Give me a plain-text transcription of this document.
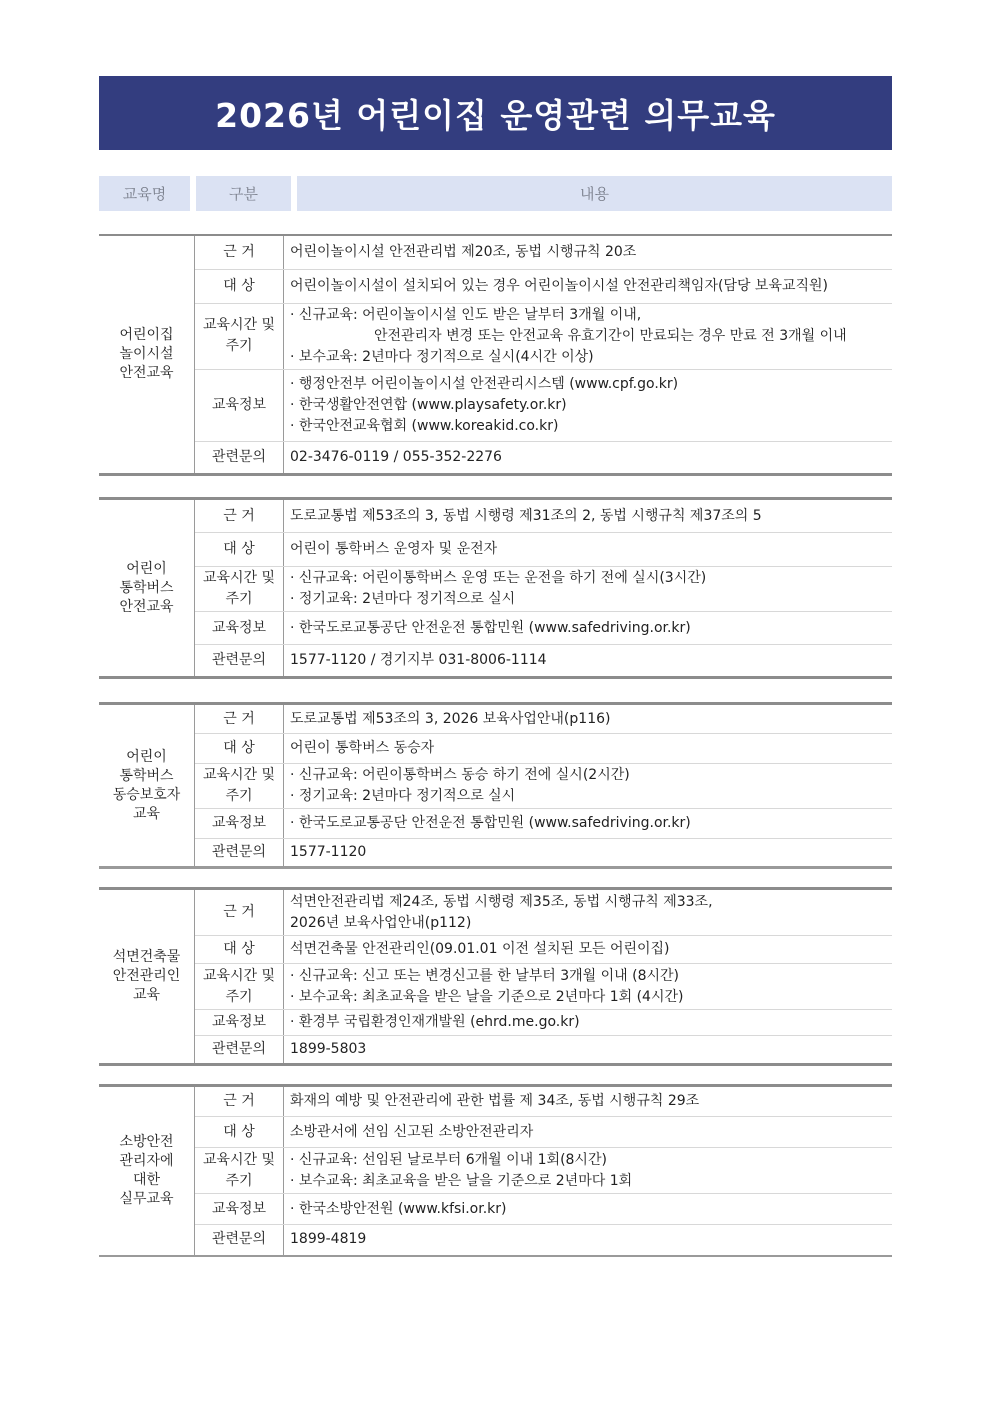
2026년 어린이집 운영관련 의무교육
교육명	구분	내용
어린이집
놀이시설
안전교육	근 거	어린이놀이시설 안전관리법 제20조, 동법 시행규칙 20조

	대 상	어린이놀이시설이 설치되어 있는 경우 어린이놀이시설 안전관리책임자(담당 보육교직원)

	교육시간 및
주기	· 신규교육: 어린이놀이시설 인도 받은 날부터 3개월 이내,
안전관리자 변경 또는 안전교육 유효기간이 만료되는 경우 만료 전 3개월 이내
· 보수교육: 2년마다 정기적으로 실시(4시간 이상)

	교육정보	· 행정안전부 어린이놀이시설 안전관리시스템 (www.cpf.go.kr)
· 한국생활안전연합 (www.playsafety.or.kr)
· 한국안전교육협회 (www.koreakid.co.kr)

	관련문의	02-3476-0119 / 055-352-2276
어린이
통학버스
안전교육	근 거	도로교통법 제53조의 3, 동법 시행령 제31조의 2, 동법 시행규칙 제37조의 5

	대 상	어린이 통학버스 운영자 및 운전자

	교육시간 및
주기	· 신규교육: 어린이통학버스 운영 또는 운전을 하기 전에 실시(3시간)
· 정기교육: 2년마다 정기적으로 실시

	교육정보	· 한국도로교통공단 안전운전 통합민원 (www.safedriving.or.kr)

	관련문의	1577-1120 / 경기지부 031-8006-1114
어린이
통학버스
동승보호자
교육	근 거	도로교통법 제53조의 3, 2026 보육사업안내(p116)

	대 상	어린이 통학버스 동승자

	교육시간 및
주기	· 신규교육: 어린이통학버스 동승 하기 전에 실시(2시간)
· 정기교육: 2년마다 정기적으로 실시

	교육정보	· 한국도로교통공단 안전운전 통합민원 (www.safedriving.or.kr)

	관련문의	1577-1120
석면건축물
안전관리인
교육	근 거	석면안전관리법 제24조, 동법 시행령 제35조, 동법 시행규칙 제33조,
2026년 보육사업안내(p112)

	대 상	석면건축물 안전관리인(09.01.01 이전 설치된 모든 어린이집)

	교육시간 및
주기	· 신규교육: 신고 또는 변경신고를 한 날부터 3개월 이내 (8시간)
· 보수교육: 최초교육을 받은 날을 기준으로 2년마다 1회 (4시간)

	교육정보	· 환경부 국립환경인재개발원 (ehrd.me.go.kr)

	관련문의	1899-5803
소방안전
관리자에
대한
실무교육	근 거	화재의 예방 및 안전관리에 관한 법률 제 34조, 동법 시행규칙 29조

	대 상	소방관서에 선임 신고된 소방안전관리자

	교육시간 및
주기	· 신규교육: 선임된 날로부터 6개월 이내 1회(8시간)
· 보수교육: 최초교육을 받은 날을 기준으로 2년마다 1회

	교육정보	· 한국소방안전원 (www.kfsi.or.kr)

	관련문의	1899-4819
